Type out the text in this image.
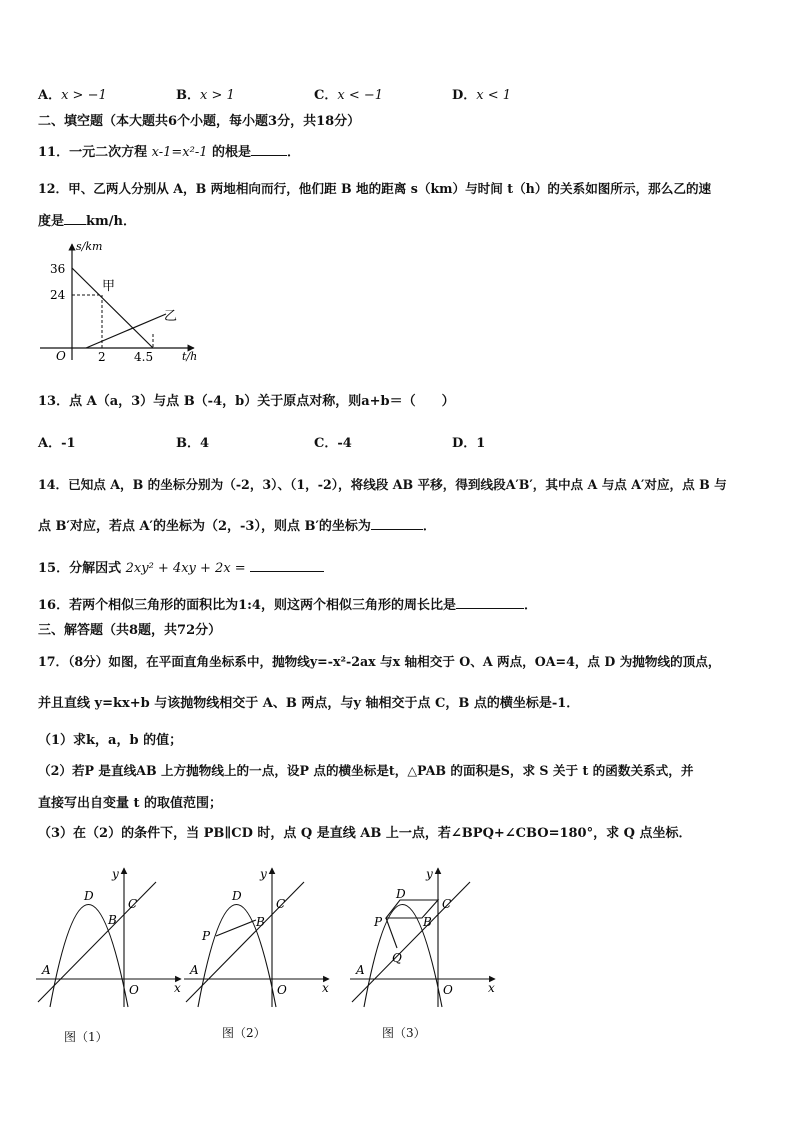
A．x > −1	B．x > 1	C．x < −1	D．x < 1
二、填空题（本大题共6个小题，每小题3分，共18分）
11．一元二次方程 x-1=x²-1 的根是	．
12．甲、乙两人分别从 A，B 两地相向而行，他们距 B 地的距离 s（km）与时间 t（h）的关系如图所示，那么乙的速
度是 km/h．
s/km
t/h
O
36
24
2 4.5
甲
乙
13．点 A（a，3）与点 B（-4，b）关于原点对称，则a+b＝（　　）
A．-1	B．4	C．-4	D．1
14．已知点 A，B 的坐标分别为（-2，3）、（1，-2），将线段 AB 平移，得到线段A′B′，其中点 A 与点 A′对应，点 B 与
点 B′对应，若点 A′的坐标为（2，-3），则点 B′的坐标为	．
15．分解因式 2xy² + 4xy + 2x =
16．若两个相似三角形的面积比为1:4，则这两个相似三角形的周长比是	．
三、解答题（共8题，共72分）
17．（8分）如图，在平面直角坐标系中，抛物线y=-x²-2ax 与x 轴相交于 O、A 两点，OA=4，点 D 为抛物线的顶点，
并且直线 y=kx+b 与该抛物线相交于 A、B 两点，与y 轴相交于点 C，B 点的横坐标是-1．
（1）求k，a，b 的值；
（2）若P 是直线AB 上方抛物线上的一点，设P 点的横坐标是t，△PAB 的面积是S，求 S 关于 t 的函数关系式，并
直接写出自变量 t 的取值范围；
（3）在（2）的条件下，当 PB∥CD 时，点 Q 是直线 AB 上一点，若∠BPQ+∠CBO=180°，求 Q 点坐标．
D
B
C
A
O	x
y
图（1）
D
P
B
C
A
O	x
y
图（2）
D
P	B
C
Q
A
O	x
y
图（3）
